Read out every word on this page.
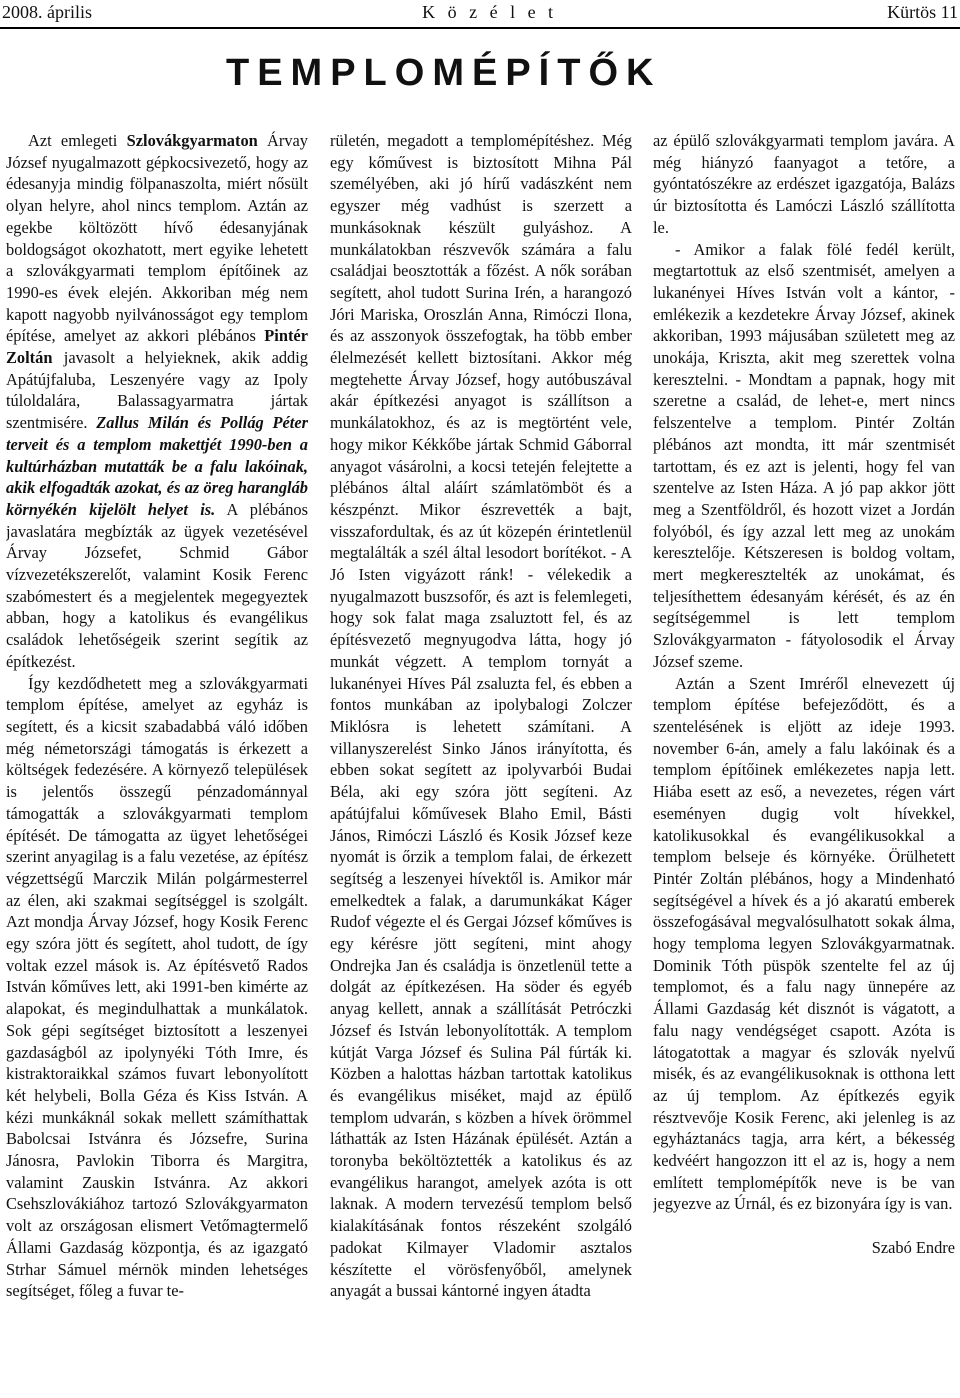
2008. április	K ö z é l e t	Kürtös 11
TEMPLOMÉPÍTŐK

Azt emlegeti Szlovákgyarmaton Árvay József nyugalmazott gépkocsivezető, hogy az édesanyja mindig fölpanaszolta, miért nősült olyan helyre, ahol nincs templom. Aztán az egekbe költözött hívő édesanyjának boldogságot okozhatott, mert egyike lehetett a szlovákgyarmati templom építőinek az 1990-es évek elején. Akkoriban még nem kapott nagyobb nyilvánosságot egy templom építése, amelyet az akkori plébános Pintér Zoltán javasolt a helyieknek, akik addig Apátújfaluba, Leszenyére vagy az Ipoly túloldalára, Balassagyarmatra jártak szentmisére. Zallus Milán és Pollág Péter terveit és a templom makettjét 1990-ben a kultúrházban mutatták be a falu lakóinak, akik elfogadták azokat, és az öreg harangláb környékén kijelölt helyet is. A plébános javaslatára megbízták az ügyek vezetésével Árvay Józsefet, Schmid Gábor vízvezetékszerelőt, valamint Kosik Ferenc szabómestert és a megjelentek megegyeztek abban, hogy a katolikus és evangélikus családok lehetőségeik szerint segítik az építkezést.

Így kezdődhetett meg a szlovákgyarmati templom építése, amelyet az egyház is segített, és a kicsit szabadabbá váló időben még németországi támogatás is érkezett a költségek fedezésére. A környező települések is jelentős összegű pénzadománnyal támogatták a szlovákgyarmati templom építését. De támogatta az ügyet lehetőségei szerint anyagilag is a falu vezetése, az építész végzettségű Marczik Milán polgármesterrel az élen, aki szakmai segítséggel is szolgált. Azt mondja Árvay József, hogy Kosik Ferenc egy szóra jött és segített, ahol tudott, de így voltak ezzel mások is. Az építésvető Rados István kőműves lett, aki 1991-ben kimérte az alapokat, és megindulhattak a munkálatok. Sok gépi segítséget biztosított a leszenyei gazdaságból az ipolynyéki Tóth Imre, és kistraktoraikkal számos fuvart lebonyolított két helybeli, Bolla Géza és Kiss István. A kézi munkáknál sokak mellett számíthattak Babolcsai Istvánra és Józsefre, Surina Jánosra, Pavlokin Tiborra és Margitra, valamint Zauskin Istvánra. Az akkori Csehszlovákiához tartozó Szlovákgyarmaton volt az országosan elismert Vetőmagtermelő Állami Gazdaság központja, és az igazgató Strhar Sámuel mérnök minden lehetséges segítséget, főleg a fuvar te-

rületén, megadott a templomépítéshez. Még egy kőművest is biztosított Mihna Pál személyében, aki jó hírű vadászként nem egyszer még vadhúst is szerzett a munkásoknak készült gulyáshoz. A munkálatokban részvevők számára a falu családjai beosztották a főzést. A nők sorában segített, ahol tudott Surina Irén, a harangozó Jóri Mariska, Oroszlán Anna, Rimóczi Ilona, és az asszonyok összefogtak, ha több ember élelmezését kellett biztosítani. Akkor még megtehette Árvay József, hogy autóbuszával akár építkezési anyagot is szállítson a munkálatokhoz, és az is megtörtént vele, hogy mikor Kékkőbe jártak Schmid Gáborral anyagot vásárolni, a kocsi tetején felejtette a plébános által aláírt számlatömböt és a készpénzt. Mikor észrevették a bajt, visszafordultak, és az út közepén érintetlenül megtalálták a szél által lesodort borítékot. - A Jó Isten vigyázott ránk! - vélekedik a nyugalmazott buszsofőr, és azt is felemlegeti, hogy sok falat maga zsaluztott fel, és az építésvezető megnyugodva látta, hogy jó munkát végzett. A templom tornyát a lukanényei Híves Pál zsaluzta fel, és ebben a fontos munkában az ipolybalogi Zolczer Miklósra is lehetett számítani. A villanyszerelést Sinko János irányította, és ebben sokat segített az ipolyvarbói Budai Béla, aki egy szóra jött segíteni. Az apátújfalui kőművesek Blaho Emil, Básti János, Rimóczi László és Kosik József keze nyomát is őrzik a templom falai, de érkezett segítség a leszenyei hívektől is. Amikor már emelkedtek a falak, a darumunkákat Káger Rudof végezte el és Gergai József kőműves is egy kérésre jött segíteni, mint ahogy Ondrejka Jan és családja is önzetlenül tette a dolgát az építkezésen. Ha söder és egyéb anyag kellett, annak a szállítását Petróczki József és István lebonyolították. A templom kútját Varga József és Sulina Pál fúrták ki. Közben a halottas házban tartottak katolikus és evangélikus miséket, majd az épülő templom udvarán, s közben a hívek örömmel láthatták az Isten Házának épülését. Aztán a toronyba beköltöztették a katolikus és az evangélikus harangot, amelyek azóta is ott laknak. A modern tervezésű templom belső kialakításának fontos részeként szolgáló padokat Kilmayer Vladomir asztalos készítette el vörösfenyőből, amelynek anyagát a bussai kántorné ingyen átadta

az épülő szlovákgyarmati templom javára. A még hiányzó faanyagot a tetőre, a gyóntatószékre az erdészet igazgatója, Balázs úr biztosította és Lamóczi László szállította le.

- Amikor a falak fölé fedél került, megtartottuk az első szentmisét, amelyen a lukanényei Híves István volt a kántor, - emlékezik a kezdetekre Árvay József, akinek akkoriban, 1993 májusában született meg az unokája, Kriszta, akit meg szerettek volna keresztelni. - Mondtam a papnak, hogy mit szeretne a család, de lehet-e, mert nincs felszentelve a templom. Pintér Zoltán plébános azt mondta, itt már szentmisét tartottam, és ez azt is jelenti, hogy fel van szentelve az Isten Háza. A jó pap akkor jött meg a Szentföldről, és hozott vizet a Jordán folyóból, és így azzal lett meg az unokám keresztelője. Kétszeresen is boldog voltam, mert megkeresztelték az unokámat, és teljesíthettem édesanyám kérését, és az én segítségemmel is lett templom Szlovákgyarmaton - fátyolosodik el Árvay József szeme.

Aztán a Szent Imréről elnevezett új templom építése befejeződött, és a szentelésének is eljött az ideje 1993. november 6-án, amely a falu lakóinak és a templom építőinek emlékezetes napja lett. Hiába esett az eső, a nevezetes, régen várt eseményen dugig volt hívekkel, katolikusokkal és evangélikusokkal a templom belseje és környéke. Örülhetett Pintér Zoltán plébános, hogy a Mindenható segítségével a hívek és a jó akaratú emberek összefogásával megvalósulhatott sokak álma, hogy temploma legyen Szlovákgyarmatnak. Dominik Tóth püspök szentelte fel az új templomot, és a falu nagy ünnepére az Állami Gazdaság két disznót is vágatott, a falu nagy vendégséget csapott. Azóta is látogatottak a magyar és szlovák nyelvű misék, és az evangélikusoknak is otthona lett az új templom. Az építkezés egyik résztvevője Kosik Ferenc, aki jelenleg is az egyháztanács tagja, arra kért, a békesség kedvéért hangozzon itt el az is, hogy a nem említett templomépítők neve is be van jegyezve az Úrnál, és ez bizonyára így is van.

Szabó Endre
